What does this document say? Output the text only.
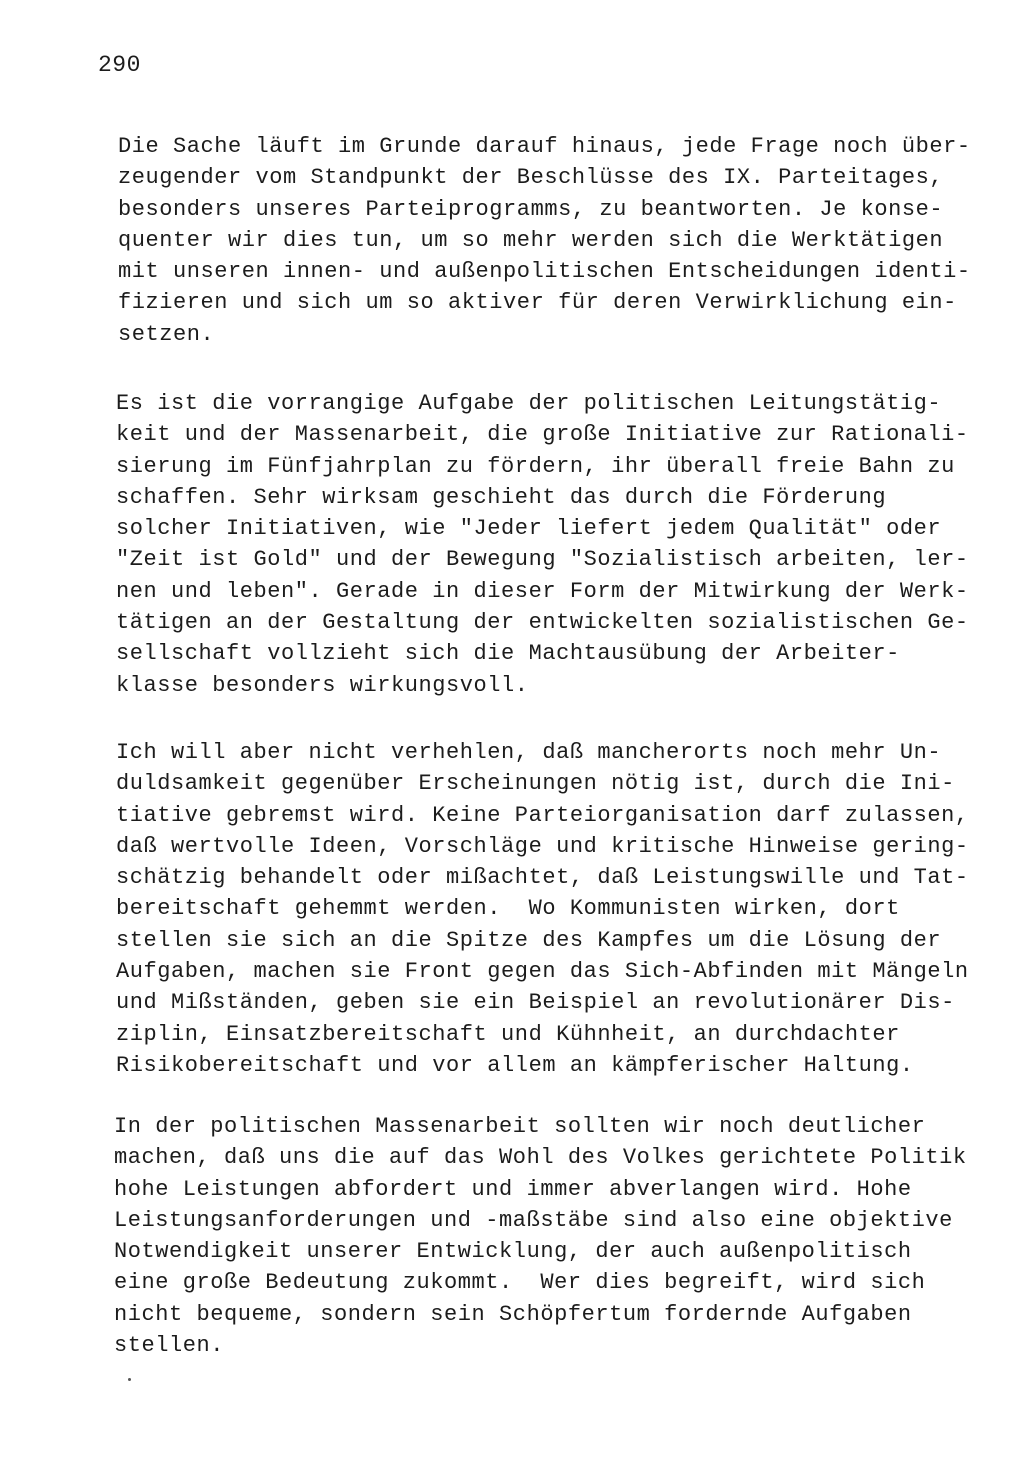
290
Die Sache läuft im Grunde darauf hinaus, jede Frage noch über-
zeugender vom Standpunkt der Beschlüsse des IX. Parteitages,
besonders unseres Parteiprogramms, zu beantworten. Je konse-
quenter wir dies tun, um so mehr werden sich die Werktätigen
mit unseren innen- und außenpolitischen Entscheidungen identi-
fizieren und sich um so aktiver für deren Verwirklichung ein-
setzen.
Es ist die vorrangige Aufgabe der politischen Leitungstätig-
keit und der Massenarbeit, die große Initiative zur Rationali-
sierung im Fünfjahrplan zu fördern, ihr überall freie Bahn zu
schaffen. Sehr wirksam geschieht das durch die Förderung
solcher Initiativen, wie "Jeder liefert jedem Qualität" oder
"Zeit ist Gold" und der Bewegung "Sozialistisch arbeiten, ler-
nen und leben". Gerade in dieser Form der Mitwirkung der Werk-
tätigen an der Gestaltung der entwickelten sozialistischen Ge-
sellschaft vollzieht sich die Machtausübung der Arbeiter-
klasse besonders wirkungsvoll.
Ich will aber nicht verhehlen, daß mancherorts noch mehr Un-
duldsamkeit gegenüber Erscheinungen nötig ist, durch die Ini-
tiative gebremst wird. Keine Parteiorganisation darf zulassen,
daß wertvolle Ideen, Vorschläge und kritische Hinweise gering-
schätzig behandelt oder mißachtet, daß Leistungswille und Tat-
bereitschaft gehemmt werden.  Wo Kommunisten wirken, dort
stellen sie sich an die Spitze des Kampfes um die Lösung der
Aufgaben, machen sie Front gegen das Sich-Abfinden mit Mängeln
und Mißständen, geben sie ein Beispiel an revolutionärer Dis-
ziplin, Einsatzbereitschaft und Kühnheit, an durchdachter
Risikobereitschaft und vor allem an kämpferischer Haltung.
In der politischen Massenarbeit sollten wir noch deutlicher
machen, daß uns die auf das Wohl des Volkes gerichtete Politik
hohe Leistungen abfordert und immer abverlangen wird. Hohe
Leistungsanforderungen und -maßstäbe sind also eine objektive
Notwendigkeit unserer Entwicklung, der auch außenpolitisch
eine große Bedeutung zukommt.  Wer dies begreift, wird sich
nicht bequeme, sondern sein Schöpfertum fordernde Aufgaben
stellen.
